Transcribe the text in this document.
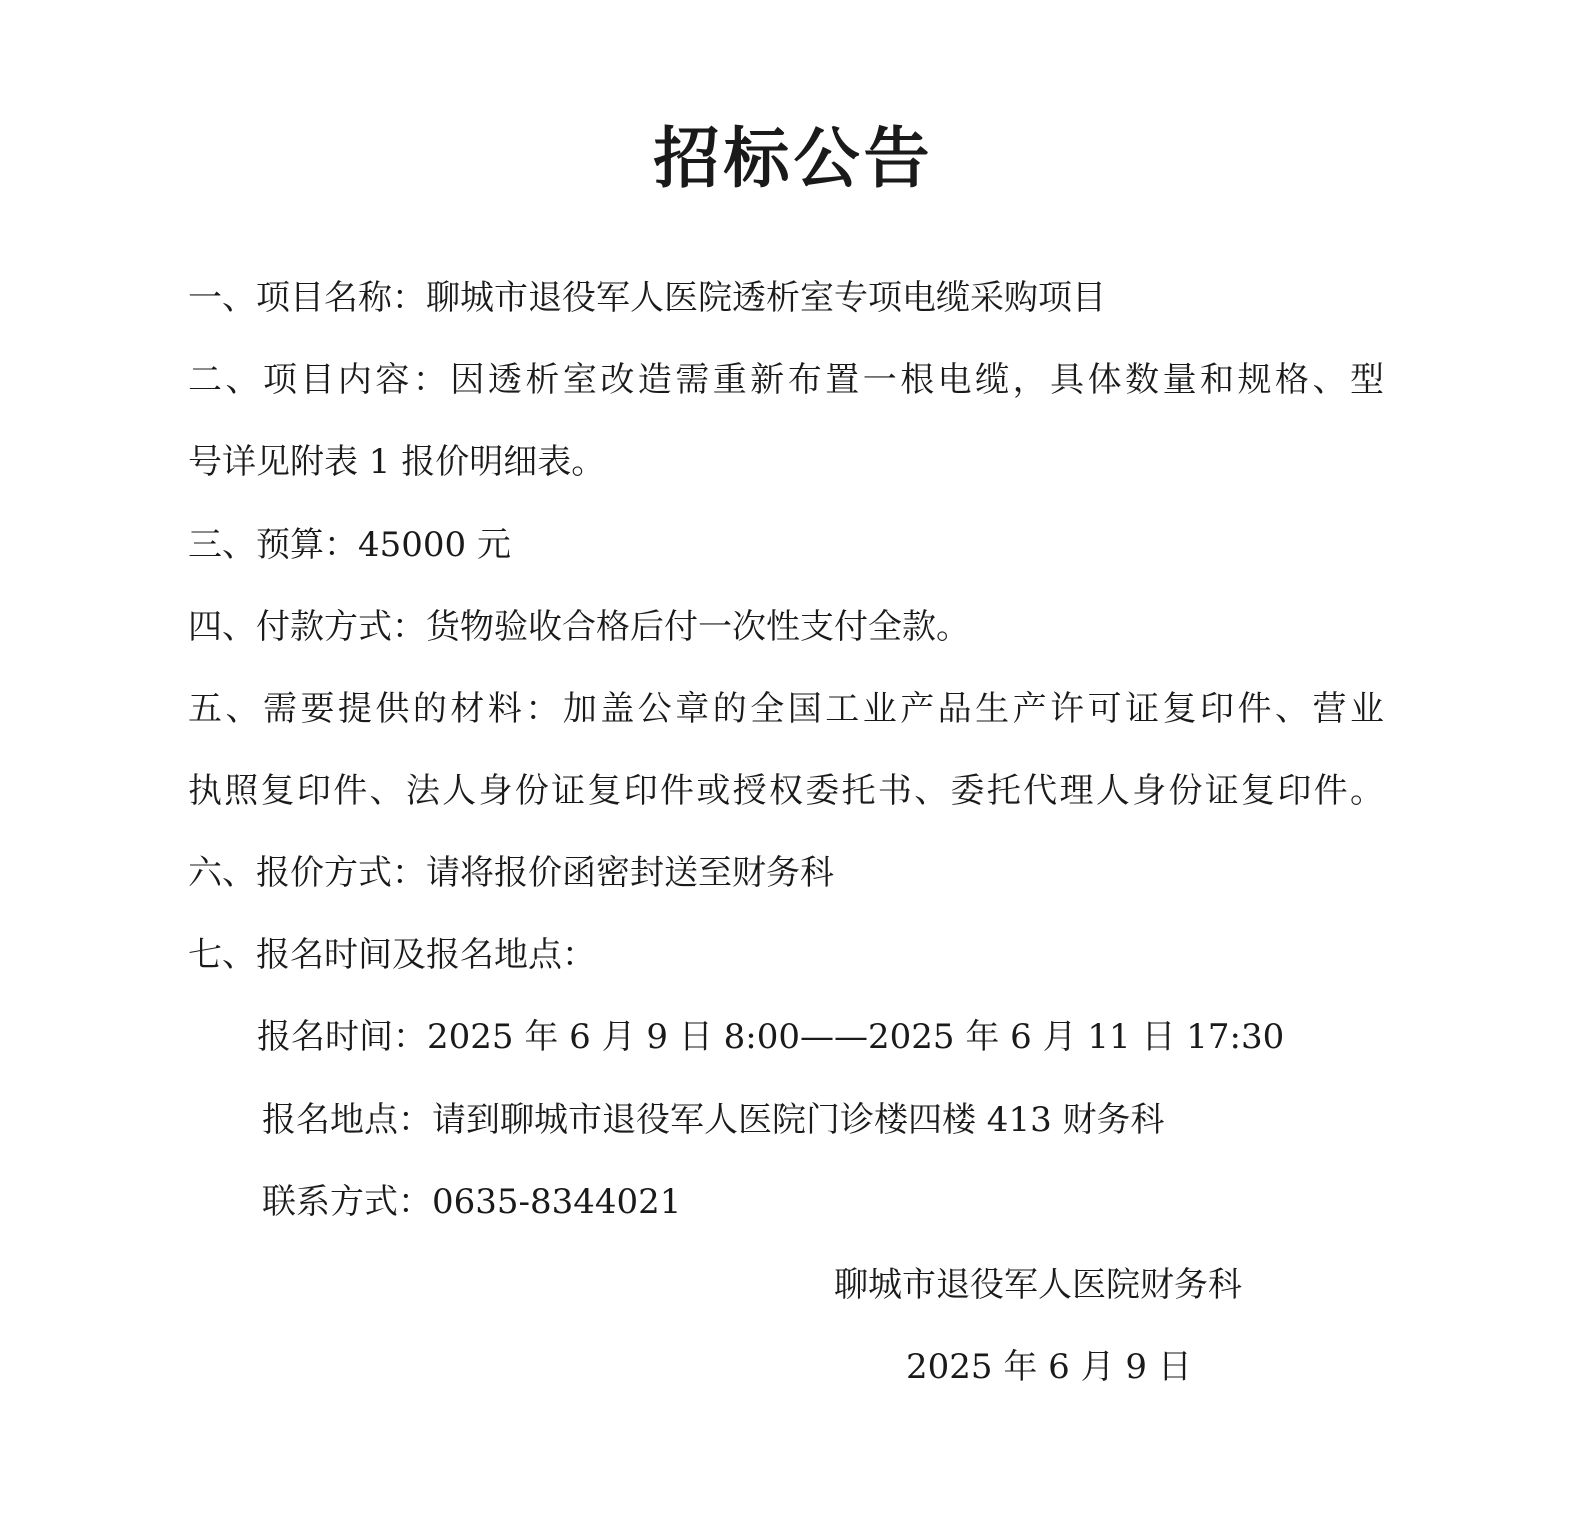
招标公告
一、项目名称：聊城市退役军人医院透析室专项电缆采购项目
二、项目内容：因透析室改造需重新布置一根电缆，具体数量和规格、型
号详见附表 1 报价明细表。
三、预算：45000 元
四、付款方式：货物验收合格后付一次性支付全款。
五、需要提供的材料：加盖公章的全国工业产品生产许可证复印件、营业
执照复印件、法人身份证复印件或授权委托书、委托代理人身份证复印件。
六、报价方式：请将报价函密封送至财务科
七、报名时间及报名地点：
报名时间：2025 年 6 月 9 日 8:00——2025 年 6 月 11 日 17:30
报名地点：请到聊城市退役军人医院门诊楼四楼 413 财务科
联系方式：0635-8344021
聊城市退役军人医院财务科
2025 年 6 月 9 日
